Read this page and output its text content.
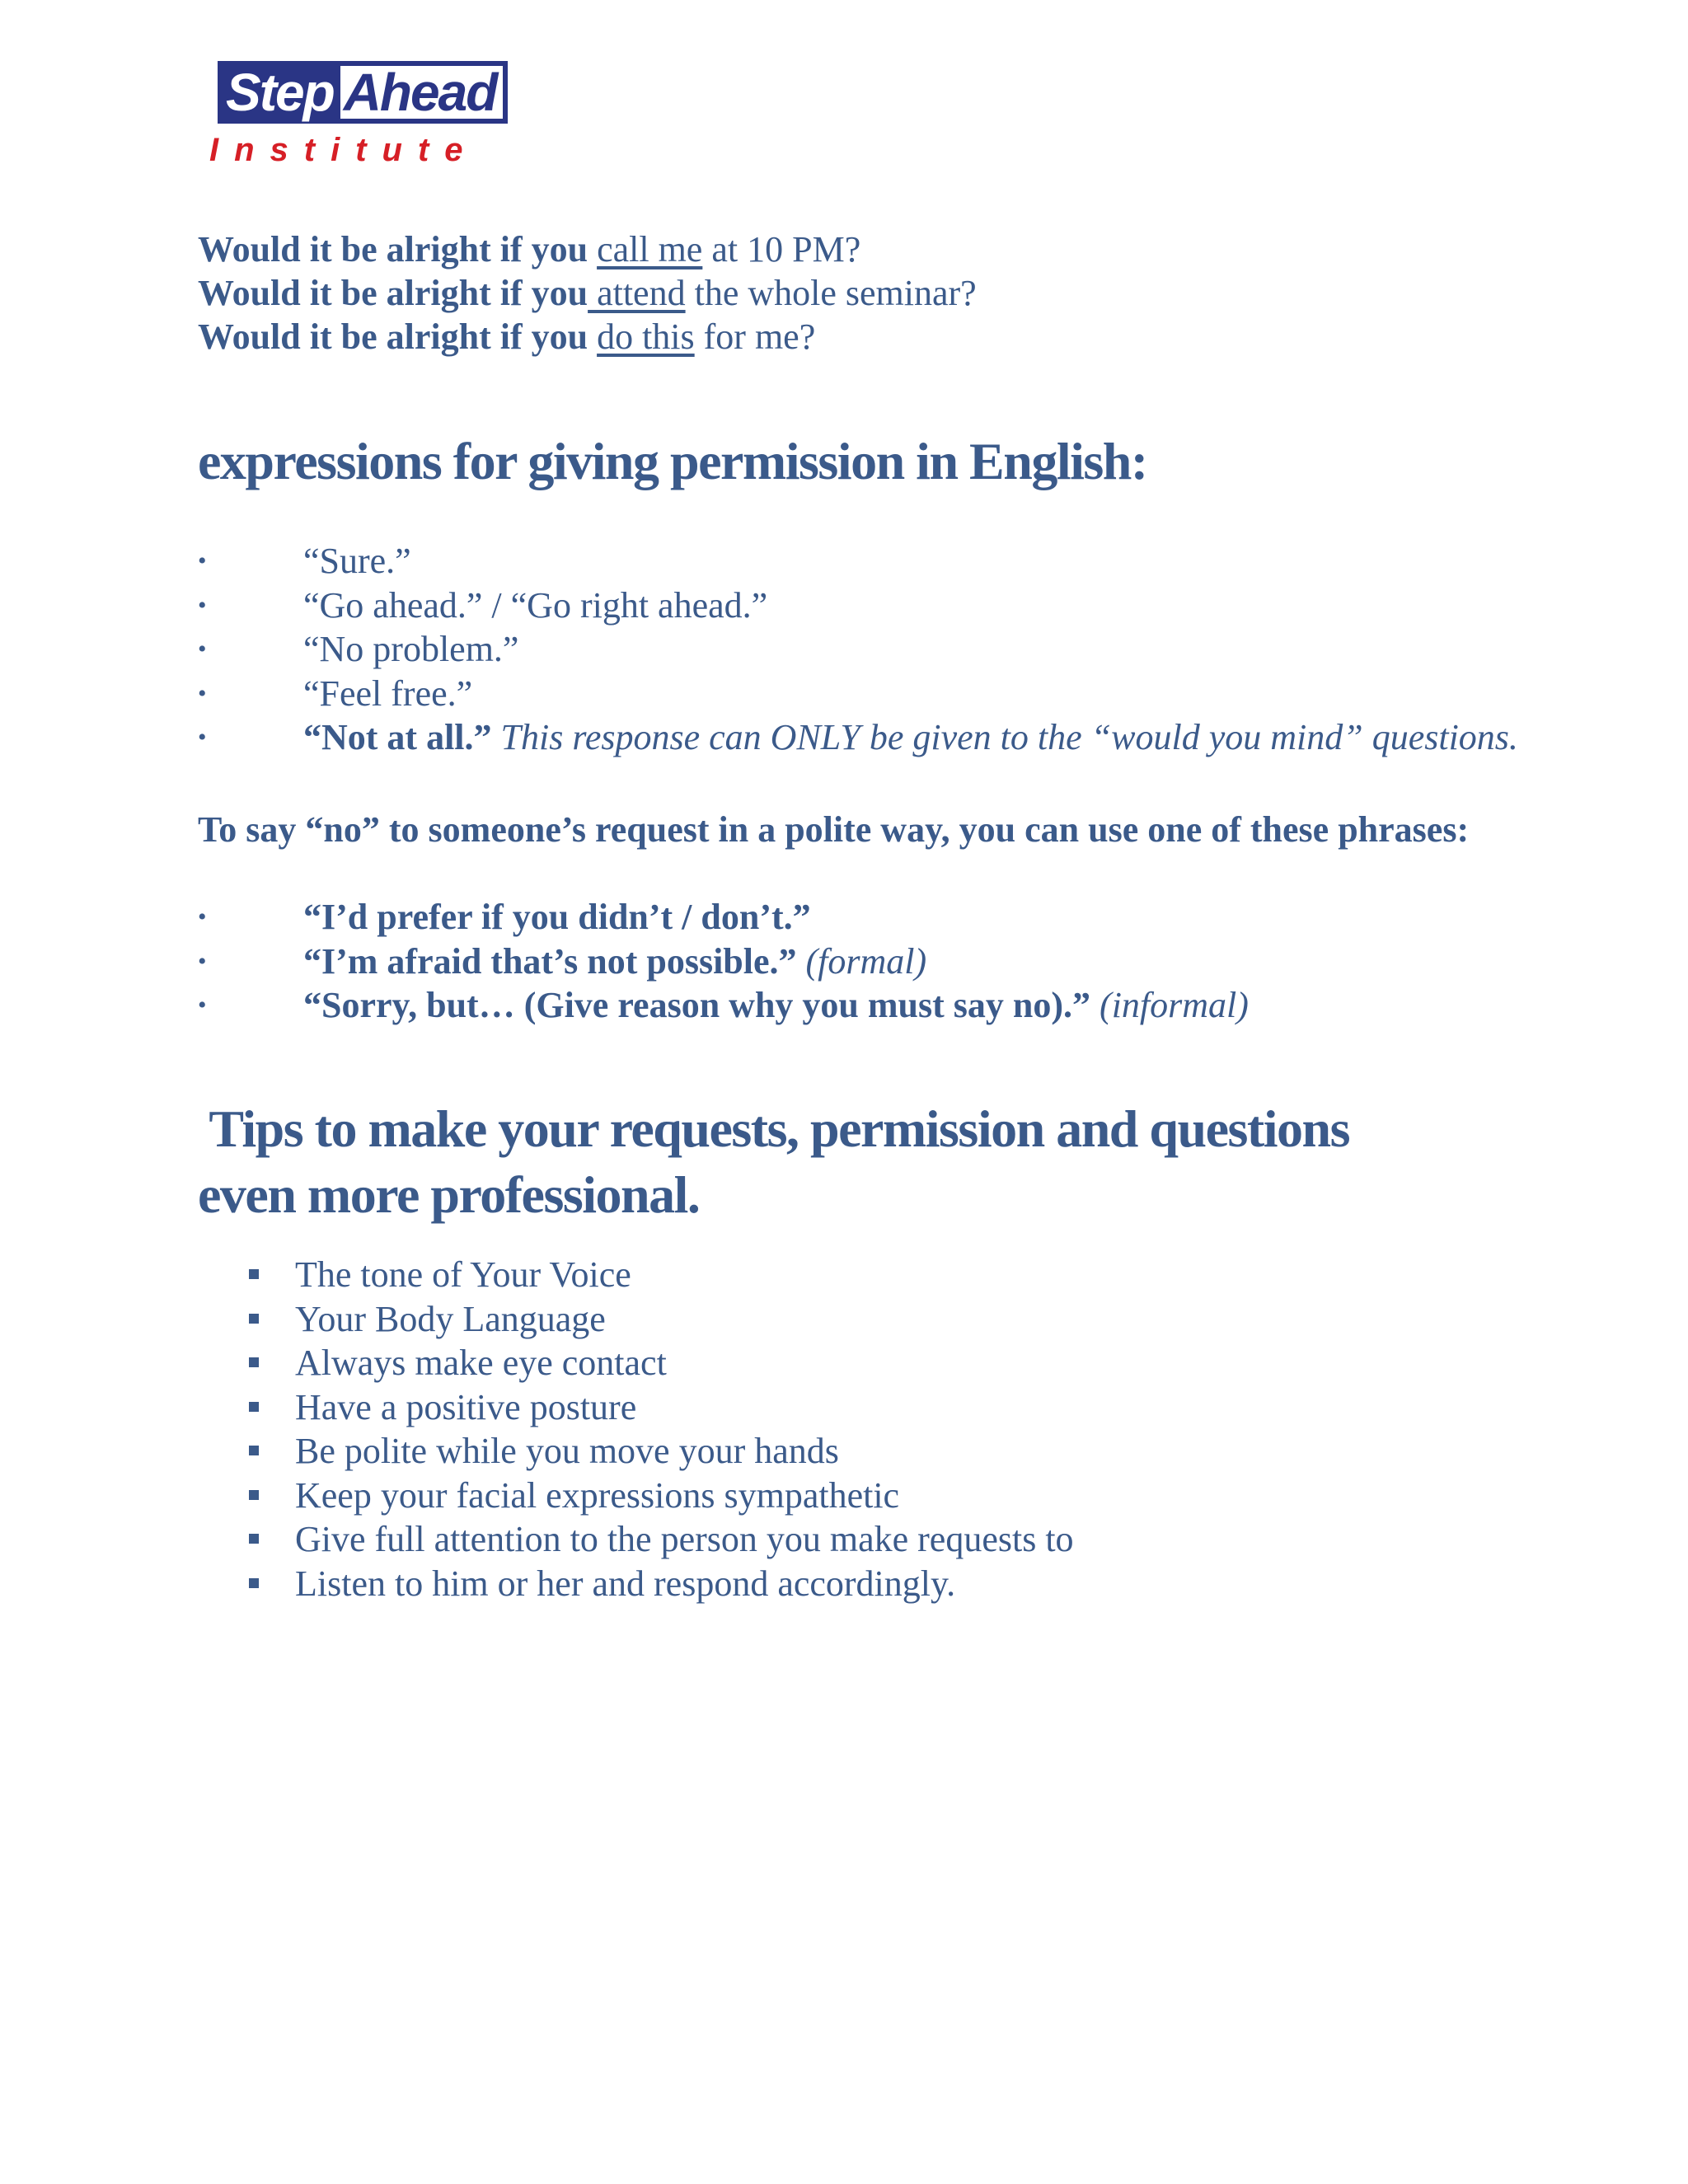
Step Ahead
Institute
Would it be alright if you call me at 10 PM?
Would it be alright if you attend the whole seminar?
Would it be alright if you do this for me?
expressions for giving permission in English:
•	“Sure.”
•	“Go ahead.” / “Go right ahead.”
•	“No problem.”
•	“Feel free.”
•	“Not at all.” This response can ONLY be given to the “would you mind” questions.
To say “no” to someone’s request in a polite way, you can use one of these phrases:
•	“I’d prefer if you didn’t / don’t.”
•	“I’m afraid that’s not possible.” (formal)
•	“Sorry, but… (Give reason why you must say no).” (informal)
Tips to make your requests, permission and questions
even more professional.
The tone of Your Voice
Your Body Language
Always make eye contact
Have a positive posture
Be polite while you move your hands
Keep your facial expressions sympathetic
Give full attention to the person you make requests to
Listen to him or her and respond accordingly.
